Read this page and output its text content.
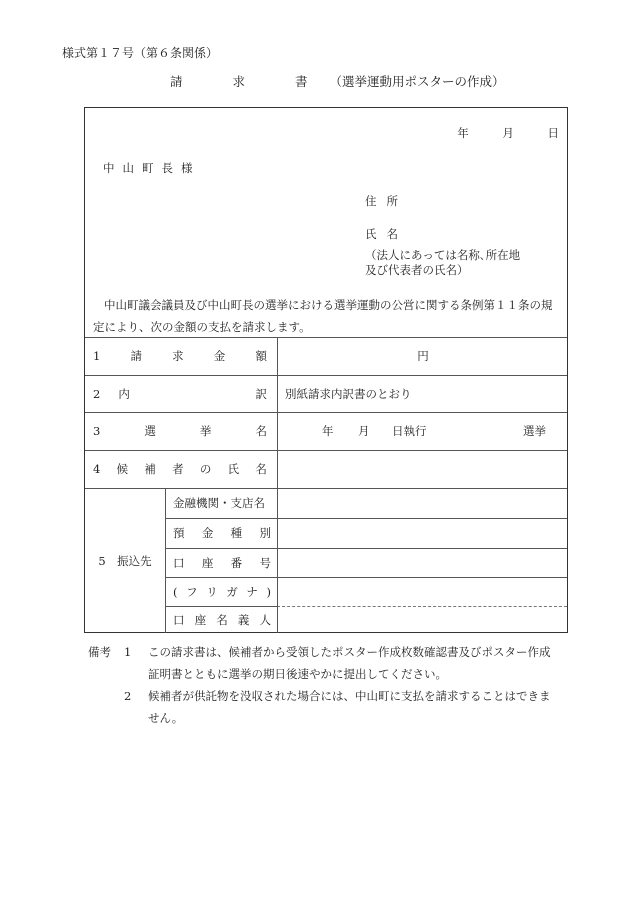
様式第１７号（第６条関係）
請	求	書 （選挙運動用ポスターの作成）
年	月	日
中山町長様
住所
氏名
（法人にあっては名称､所在地及び代表者の氏名）
中山町議会議員及び中山町長の選挙における選挙運動の公営に関する条例第１１条の規定により、次の金額の支払を請求します。
1	請	求	金	額	円
2 内	訳 別紙請求内訳書のとおり
3	選	挙	名	年 月 日執行	選挙
4 候 補 者 の 氏 名
5　振込先
金融機関・支店名
預 金 種 別
口 座 番 号
( フ リ ガ ナ )
口 座 名 義 人
備考	1	この請求書は、候補者から受領したポスター作成枚数確認書及びポスター作成
証明書とともに選挙の期日後速やかに提出してください。
2	候補者が供託物を没収された場合には、中山町に支払を請求することはできま
せん。
